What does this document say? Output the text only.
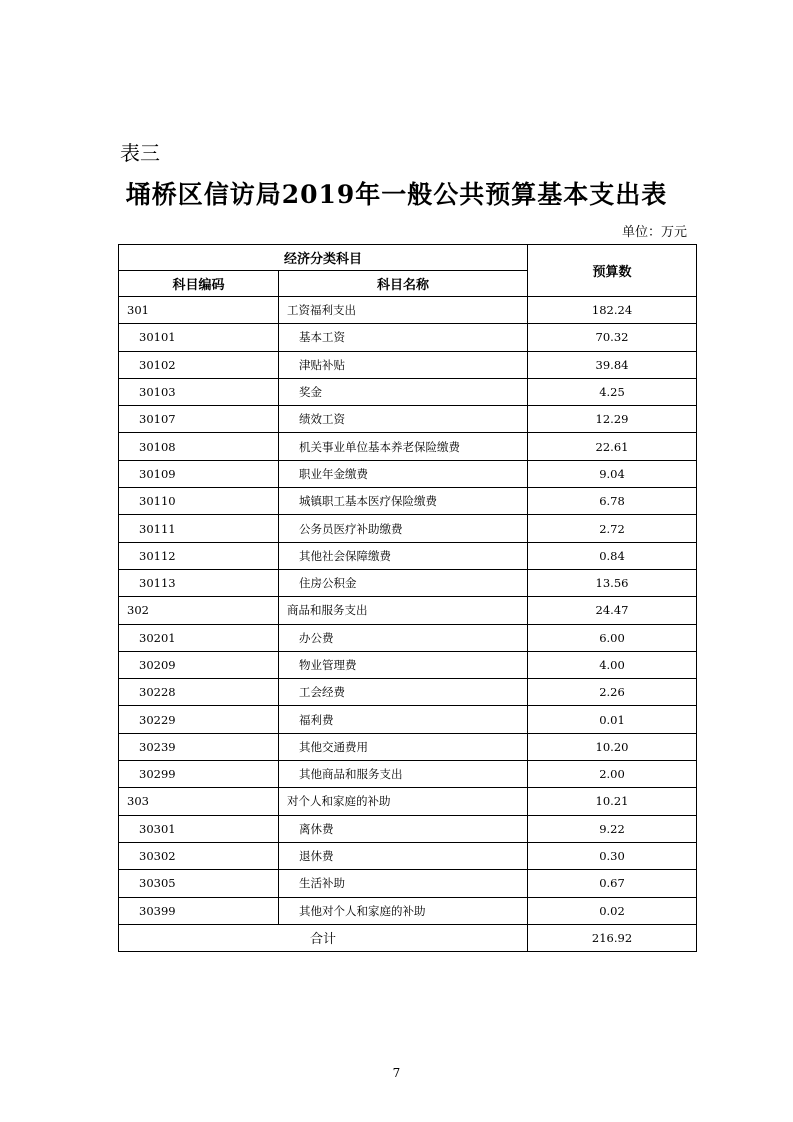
表三
埇桥区信访局2019年一般公共预算基本支出表
单位：万元
经济分类科目		预算数
科目编码	科目名称	
301	工资福利支出	182.24
30101	基本工资	70.32
30102	津贴补贴	39.84
30103	奖金	4.25
30107	绩效工资	12.29
30108	机关事业单位基本养老保险缴费	22.61
30109	职业年金缴费	9.04
30110	城镇职工基本医疗保险缴费	6.78
30111	公务员医疗补助缴费	2.72
30112	其他社会保障缴费	0.84
30113	住房公积金	13.56
302	商品和服务支出	24.47
30201	办公费	6.00
30209	物业管理费	4.00
30228	工会经费	2.26
30229	福利费	0.01
30239	其他交通费用	10.20
30299	其他商品和服务支出	2.00
303	对个人和家庭的补助	10.21
30301	离休费	9.22
30302	退休费	0.30
30305	生活补助	0.67
30399	其他对个人和家庭的补助	0.02
合计		216.92
7
